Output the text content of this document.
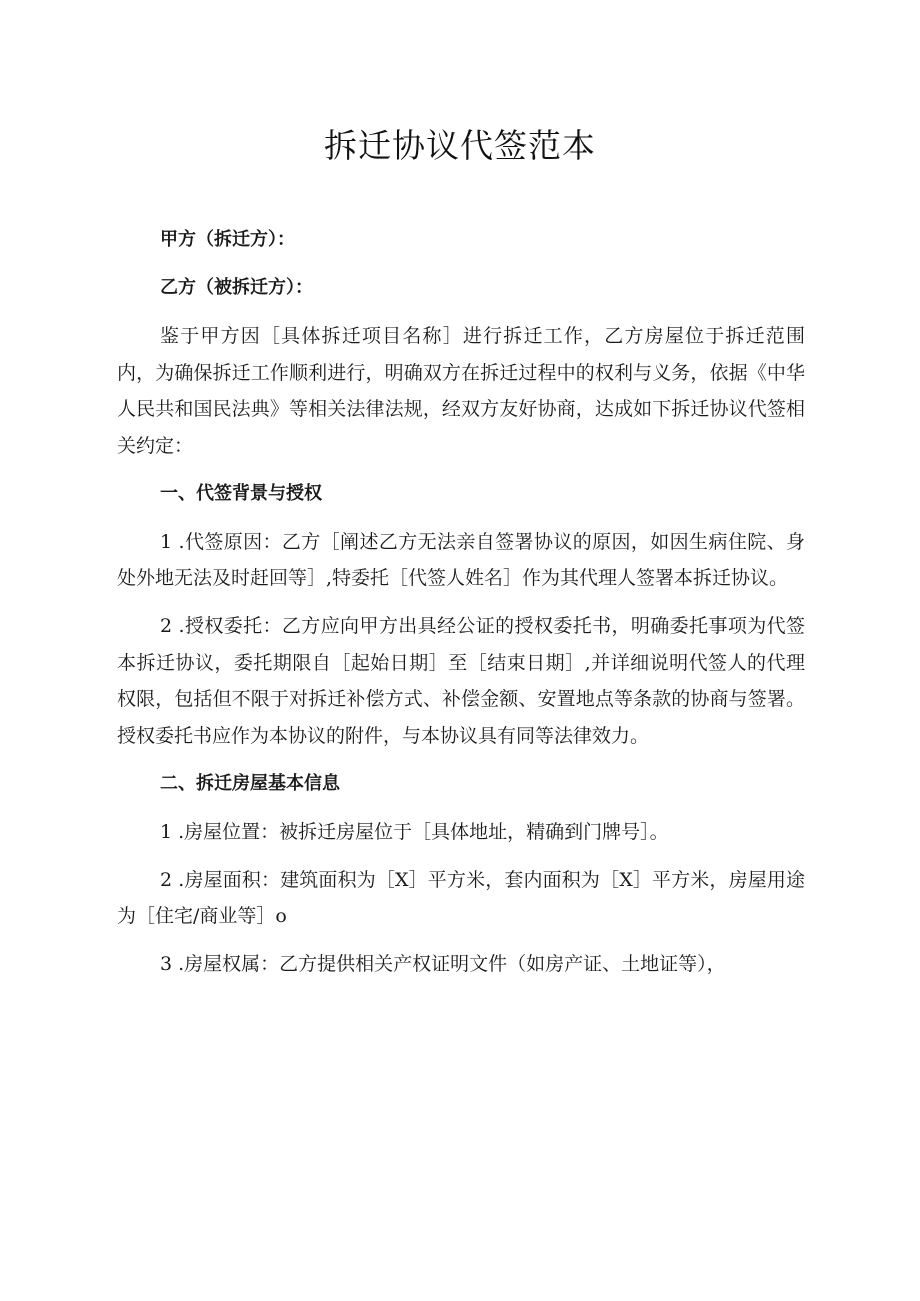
拆迁协议代签范本

甲方（拆迁方）：

乙方（被拆迁方）：

鉴于甲方因［具体拆迁项目名称］进行拆迁工作，乙方房屋位于拆迁范围内，为确保拆迁工作顺利进行，明确双方在拆迁过程中的权利与义务，依据《中华人民共和国民法典》等相关法律法规，经双方友好协商，达成如下拆迁协议代签相关约定：

一、代签背景与授权

1 .代签原因：乙方［阐述乙方无法亲自签署协议的原因，如因生病住院、身处外地无法及时赶回等］,特委托［代签人姓名］作为其代理人签署本拆迁协议。

2 .授权委托：乙方应向甲方出具经公证的授权委托书，明确委托事项为代签本拆迁协议，委托期限自［起始日期］至［结束日期］,并详细说明代签人的代理权限，包括但不限于对拆迁补偿方式、补偿金额、安置地点等条款的协商与签署。授权委托书应作为本协议的附件，与本协议具有同等法律效力。

二、拆迁房屋基本信息

1 .房屋位置：被拆迁房屋位于［具体地址，精确到门牌号］。

2 .房屋面积：建筑面积为［X］平方米，套内面积为［X］平方米，房屋用途为［住宅/商业等］o

3 .房屋权属：乙方提供相关产权证明文件（如房产证、土地证等），
